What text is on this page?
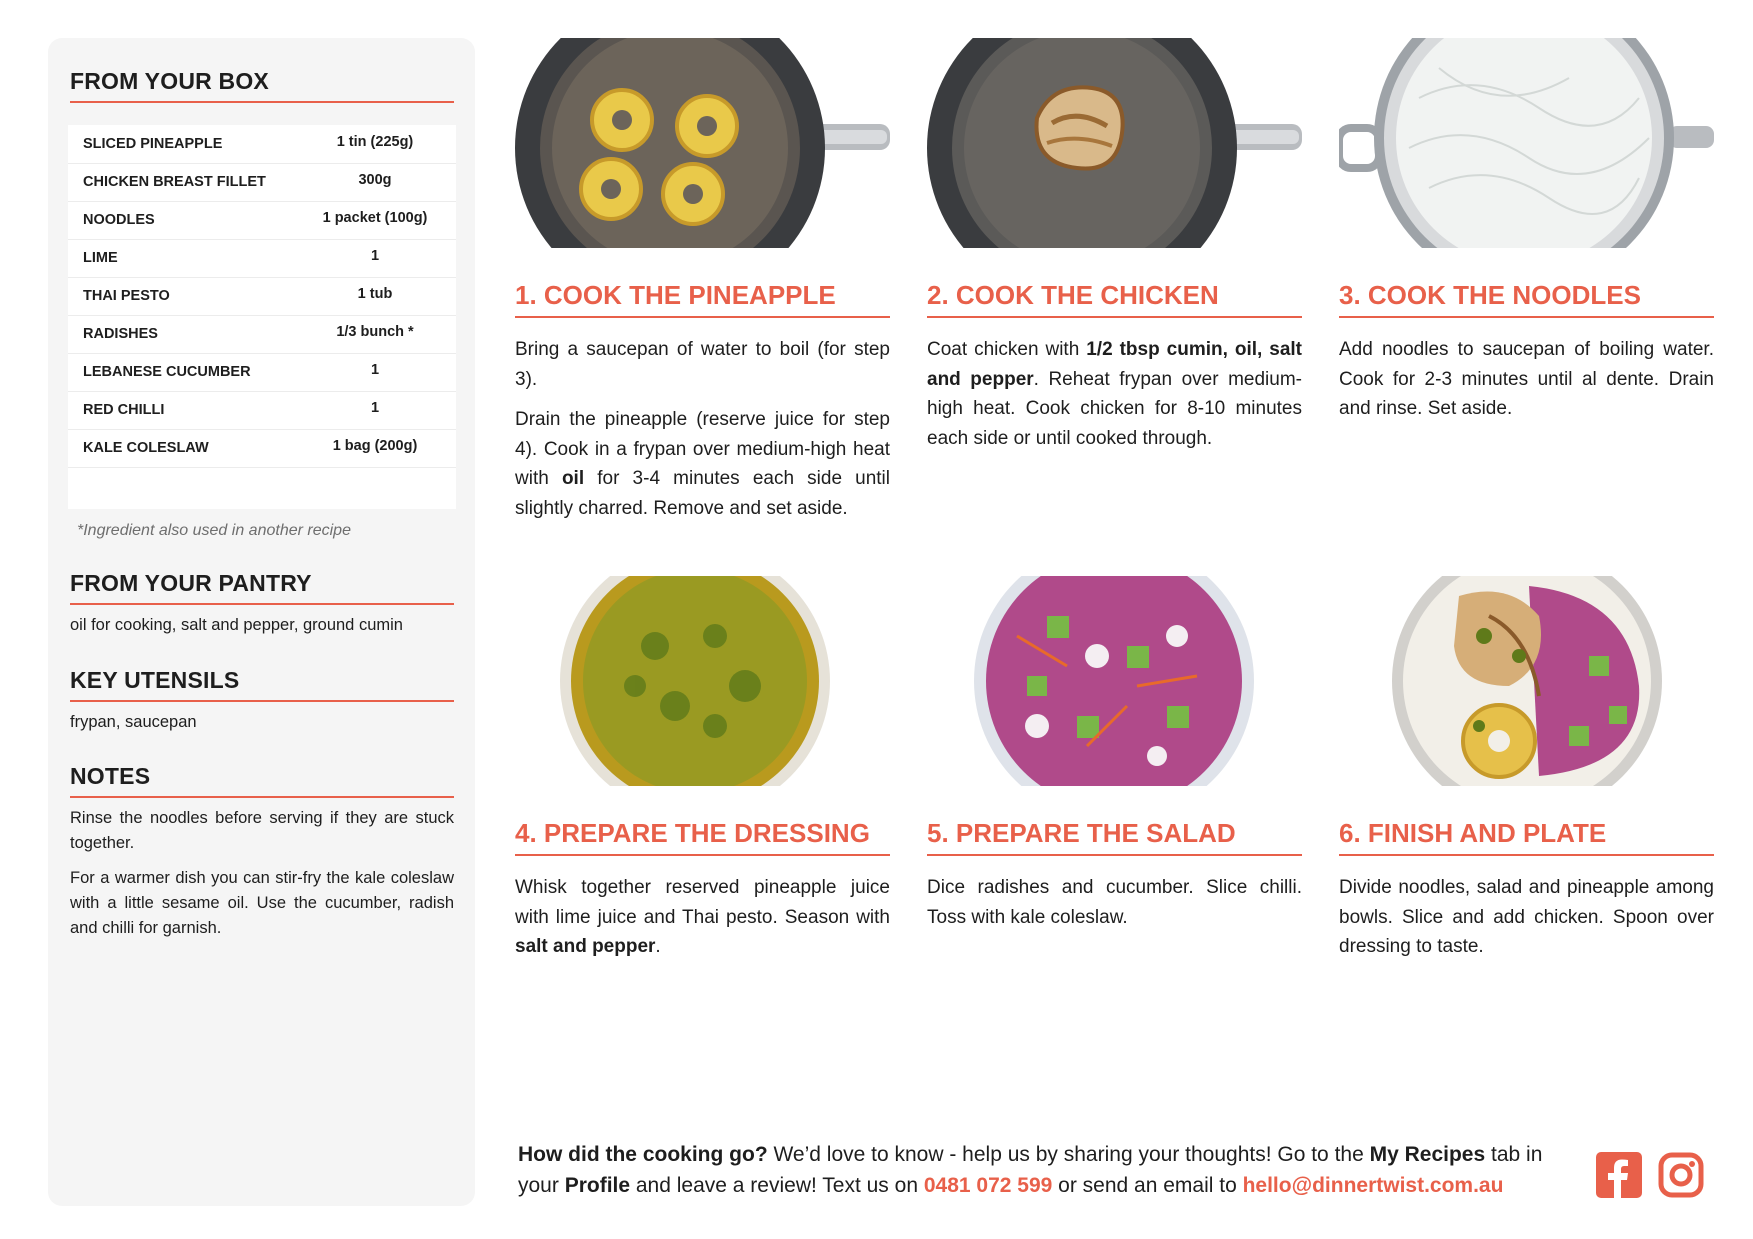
FROM YOUR BOX
SLICED PINEAPPLE	1 tin (225g)
CHICKEN BREAST FILLET	300g
NOODLES	1 packet (100g)
LIME	1
THAI PESTO	1 tub
RADISHES	1/3 bunch *
LEBANESE CUCUMBER	1
RED CHILLI	1
KALE COLESLAW	1 bag (200g)
*Ingredient also used in another recipe
FROM YOUR PANTRY
oil for cooking, salt and pepper, ground cumin
KEY UTENSILS
frypan, saucepan
NOTES

Rinse the noodles before serving if they are stuck together.

For a warmer dish you can stir-fry the kale coleslaw with a little sesame oil. Use the cucumber, radish and chilli for garnish.

1. COOK THE PINEAPPLE

Bring a saucepan of water to boil (for step 3).

Drain the pineapple (reserve juice for step 4). Cook in a frypan over medium-high heat with oil for 3-4 minutes each side until slightly charred. Remove and set aside.

2. COOK THE CHICKEN

Coat chicken with 1/2 tbsp cumin, oil, salt and pepper. Reheat frypan over medium-high heat. Cook chicken for 8-10 minutes each side or until cooked through.

3. COOK THE NOODLES

Add noodles to saucepan of boiling water. Cook for 2-3 minutes until al dente. Drain and rinse. Set aside.

4. PREPARE THE DRESSING

Whisk together reserved pineapple juice with lime juice and Thai pesto. Season with salt and pepper.

5. PREPARE THE SALAD

Dice radishes and cucumber. Slice chilli. Toss with kale coleslaw.

6. FINISH AND PLATE

Divide noodles, salad and pineapple among bowls. Slice and add chicken. Spoon over dressing to taste.

How did the cooking go? We’d love to know - help us by sharing your thoughts! Go to the My Recipes tab in your Profile and leave a review! Text us on 0481 072 599 or send an email to hello@dinnertwist.com.au
